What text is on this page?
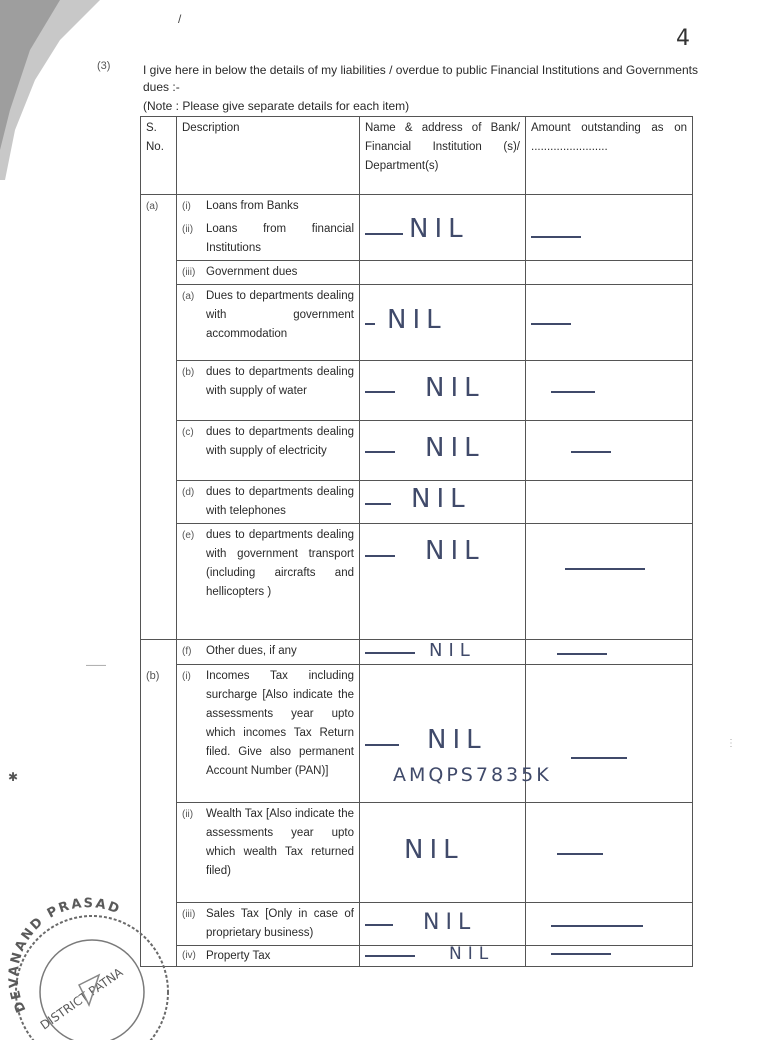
/
4
(3)	I give here in below the details of my liabilities / overdue to public Financial Institutions and Governments dues :-
(Note : Please give separate details for each item)
S. No.	Description	Name & address of Bank/ Financial Institution (s)/ Department(s)	Amount outstanding as on ........................
(a)	(i) Loans from Banks		

	(ii) Loans from financial Institutions	NIL	

	(iii) Government dues		

	(a) Dues to departments dealing with government accommodation	NIL	

	(b) dues to departments dealing with supply of water	NIL	

	(c) dues to departments dealing with supply of electricity	NIL	

	(d) dues to departments dealing with telephones	NIL	

	(e) dues to departments dealing with government transport (including aircrafts and hellicopters )	NIL	

	(f) Other dues, if any	NIL	
(b)	(i) Incomes Tax including surcharge [Also indicate the assessments year upto which incomes Tax Return filed. Give also permanent Account Number (PAN)]	NIL
AMQPS7835K	

	(ii) Wealth Tax [Also indicate the assessments year upto which wealth Tax returned filed)	NIL	

	(iii) Sales Tax [Only in case of proprietary business)	NIL	

	(iv) Property Tax	NIL	
DEVANAND PRASAD
DISTRICT PATNA
——
⋮
✱
